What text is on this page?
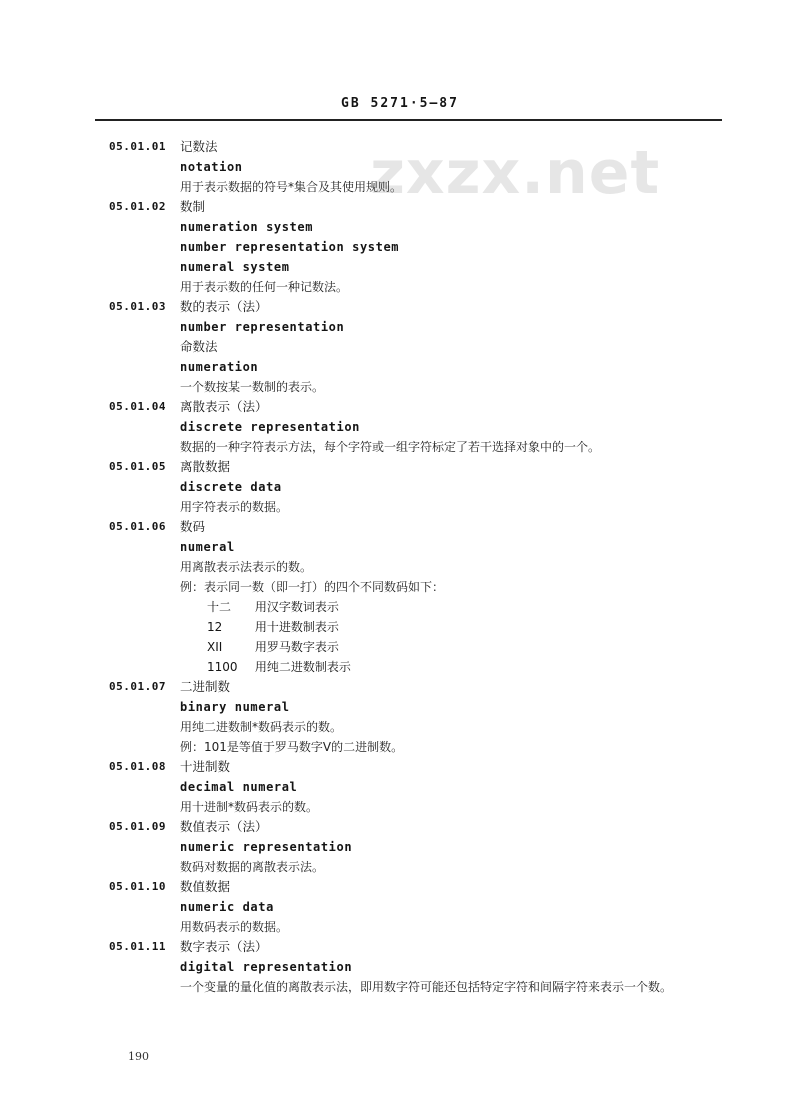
GB 5271·5—87
zxzx.net
05.01.01 记数法
notation
用于表示数据的符号*集合及其使用规则。
05.01.02 数制
numeration system
number representation system
numeral system
用于表示数的任何一种记数法。
05.01.03 数的表示（法）
number representation
命数法
numeration
一个数按某一数制的表示。
05.01.04 离散表示（法）
discrete representation
数据的一种字符表示方法，每个字符或一组字符标定了若干选择对象中的一个。
05.01.05 离散数据
discrete data
用字符表示的数据。
05.01.06 数码
numeral
用离散表示法表示的数。
例：表示同一数（即一打）的四个不同数码如下：
十二 用汉字数词表示
12	用十进数制表示
XII	用罗马数字表示
1100 用纯二进数制表示
05.01.07 二进制数
binary numeral
用纯二进数制*数码表示的数。
例：101是等值于罗马数字V的二进制数。
05.01.08 十进制数
decimal numeral
用十进制*数码表示的数。
05.01.09 数值表示（法）
numeric representation
数码对数据的离散表示法。
05.01.10 数值数据
numeric data
用数码表示的数据。
05.01.11 数字表示（法）
digital representation
一个变量的量化值的离散表示法，即用数字符可能还包括特定字符和间隔字符来表示一个数。
190
